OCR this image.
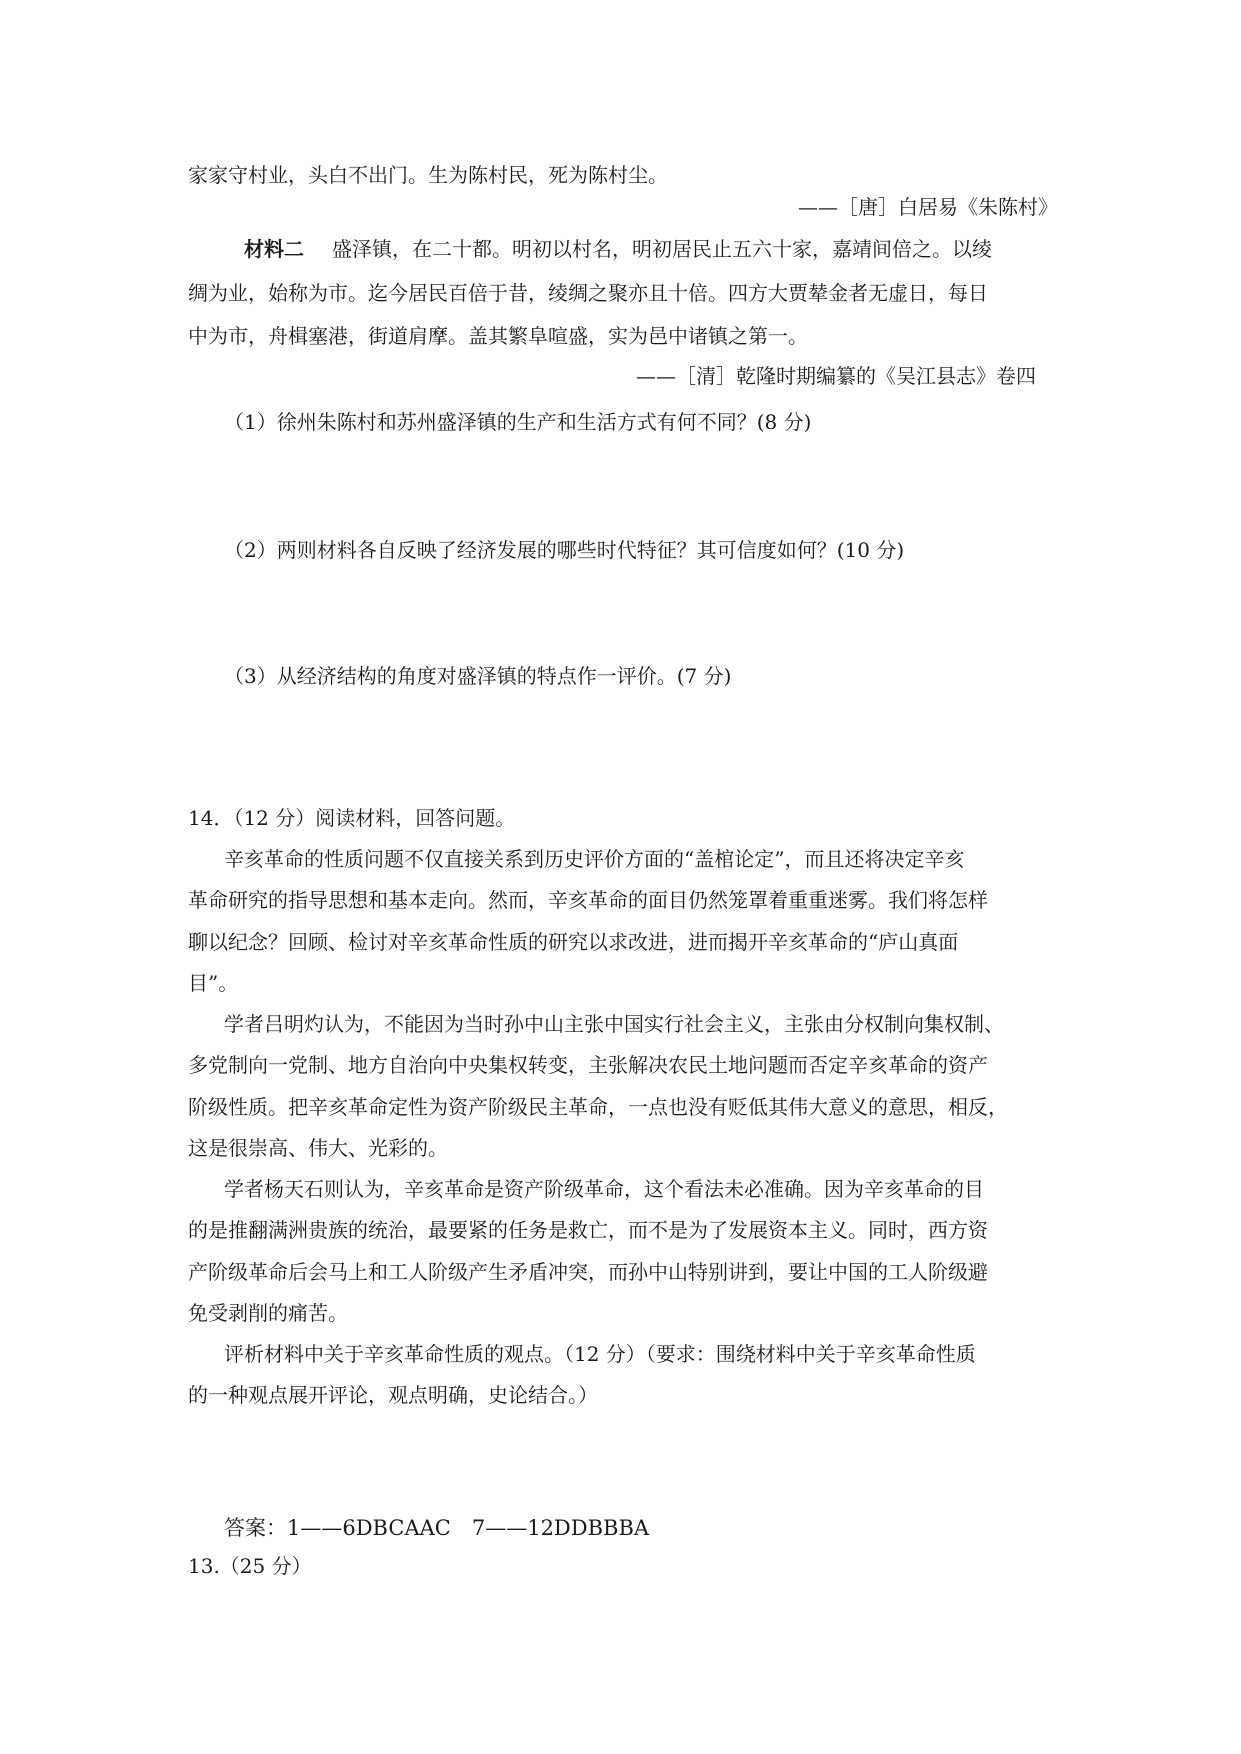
家家守村业，头白不出门。生为陈村民，死为陈村尘。
——［唐］白居易《朱陈村》
材料二 盛泽镇，在二十都。明初以村名，明初居民止五六十家，嘉靖间倍之。以绫
绸为业，始称为市。迄今居民百倍于昔，绫绸之聚亦且十倍。四方大贾辇金者无虚日，每日
中为市，舟楫塞港，街道肩摩。盖其繁阜喧盛，实为邑中诸镇之第一。
——［清］乾隆时期编纂的《吴江县志》卷四
（1）徐州朱陈村和苏州盛泽镇的生产和生活方式有何不同？(8 分)
（2）两则材料各自反映了经济发展的哪些时代特征？其可信度如何？(10 分)
（3）从经济结构的角度对盛泽镇的特点作一评价。(7 分)
14．（12 分）阅读材料，回答问题。
辛亥革命的性质问题不仅直接关系到历史评价方面的“盖棺论定”，而且还将决定辛亥
革命研究的指导思想和基本走向。然而，辛亥革命的面目仍然笼罩着重重迷雾。我们将怎样
聊以纪念？回顾、检讨对辛亥革命性质的研究以求改进，进而揭开辛亥革命的“庐山真面
目”。
学者吕明灼认为，不能因为当时孙中山主张中国实行社会主义，主张由分权制向集权制、
多党制向一党制、地方自治向中央集权转变，主张解决农民土地问题而否定辛亥革命的资产
阶级性质。把辛亥革命定性为资产阶级民主革命，一点也没有贬低其伟大意义的意思，相反，
这是很崇高、伟大、光彩的。
学者杨天石则认为，辛亥革命是资产阶级革命，这个看法未必准确。因为辛亥革命的目
的是推翻满洲贵族的统治，最要紧的任务是救亡，而不是为了发展资本主义。同时，西方资
产阶级革命后会马上和工人阶级产生矛盾冲突，而孙中山特别讲到，要让中国的工人阶级避
免受剥削的痛苦。
评析材料中关于辛亥革命性质的观点。（12 分）（要求：围绕材料中关于辛亥革命性质
的一种观点展开评论，观点明确，史论结合。）
答案：1——6DBCAAC　7——12DDBBBA
13.（25 分）
